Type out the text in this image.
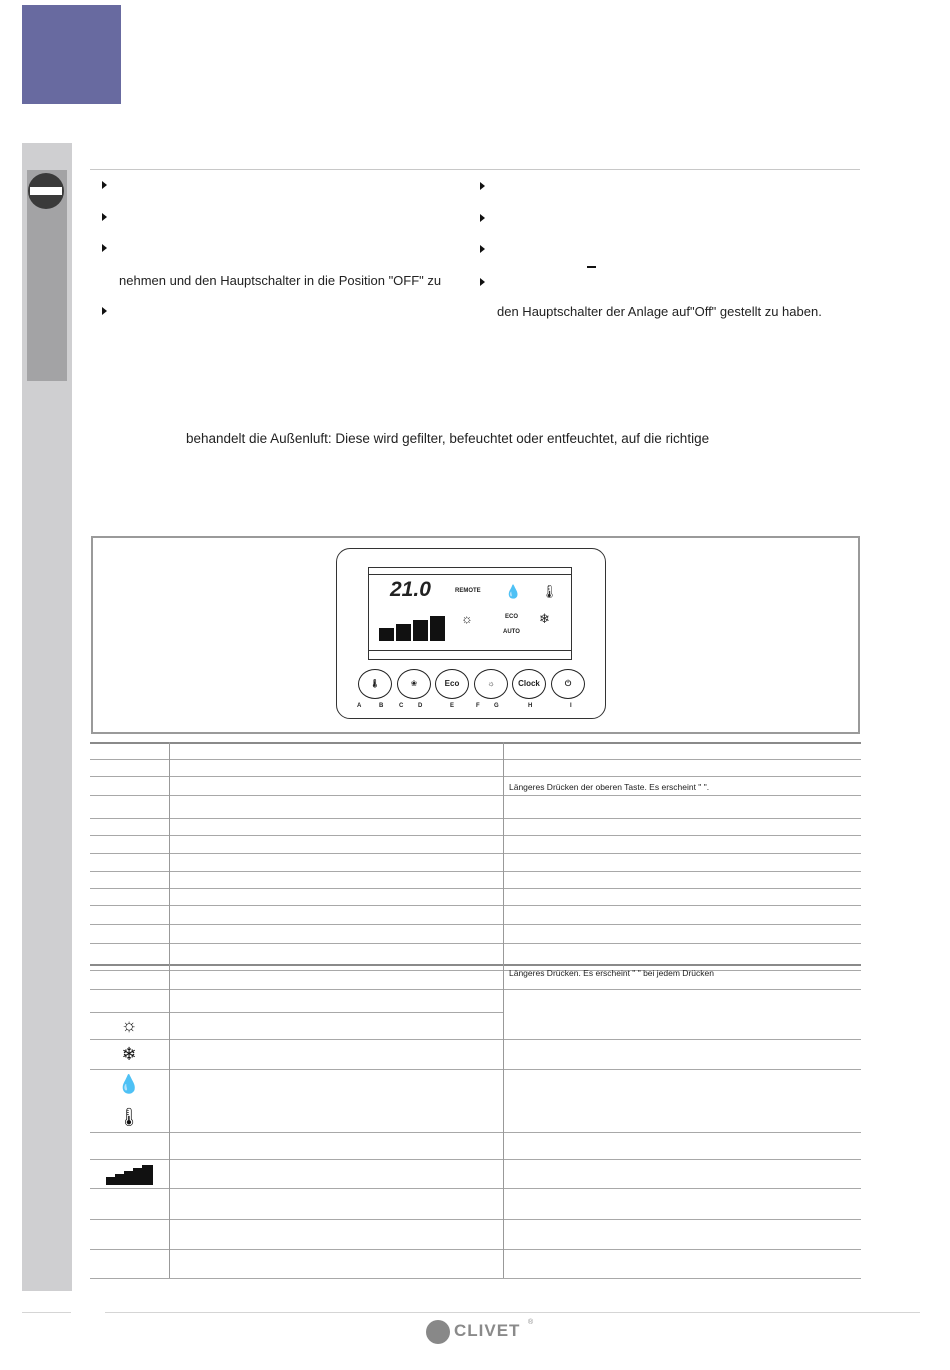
nehmen und den Hauptschalter in die Position "OFF" zu
den Hauptschalter der Anlage auf"Off" gestellt zu haben.
behandelt die Außenluft: Diese wird gefilter, befeuchtet oder entfeuchtet, auf die richtige
21.0	REMOTE 💧 🌡
☼	ECO ❄
AUTO
🌡	❀	Eco	☼	Clock	⏻
A	B	C D	E	F G	H	I
Längeres Drücken der oberen Taste. Es erscheint " ".
Längeres Drücken. Es erscheint " " bei jedem Drücken
☼
❄
💧
🌡
CLIVET ®
